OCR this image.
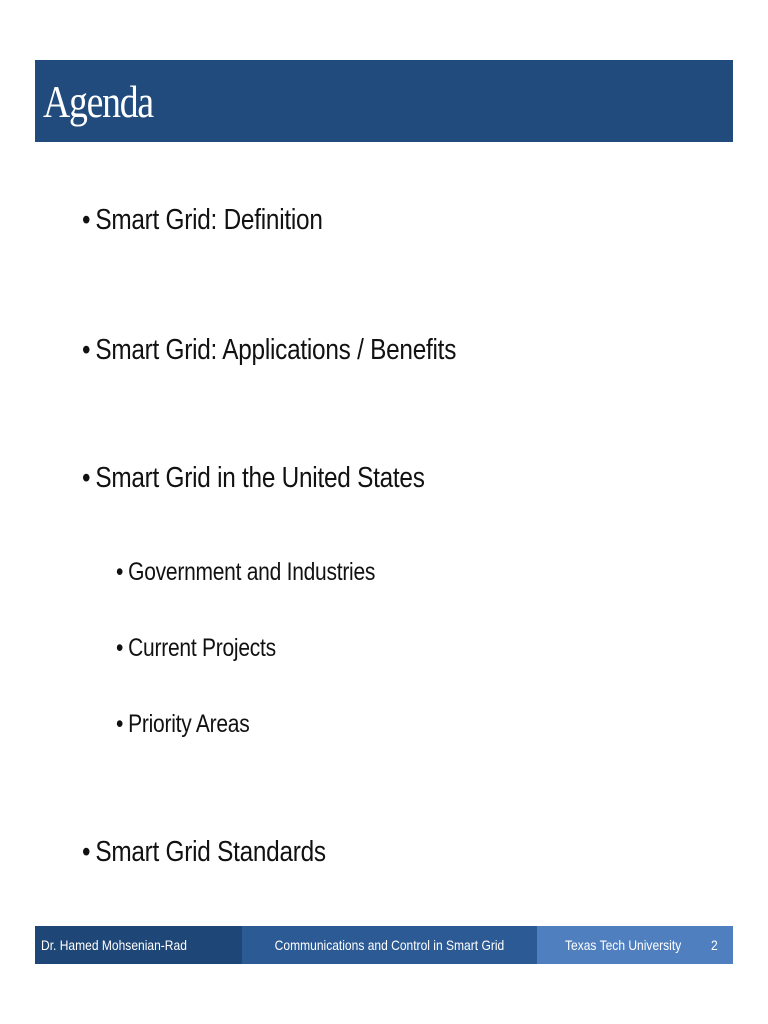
Agenda
• Smart Grid: Definition
• Smart Grid: Applications / Benefits
• Smart Grid in the United States
• Government and Industries
• Current Projects
• Priority Areas
• Smart Grid Standards
Dr. Hamed Mohsenian-Rad	Communications and Control in Smart Grid	Texas Tech University 2
